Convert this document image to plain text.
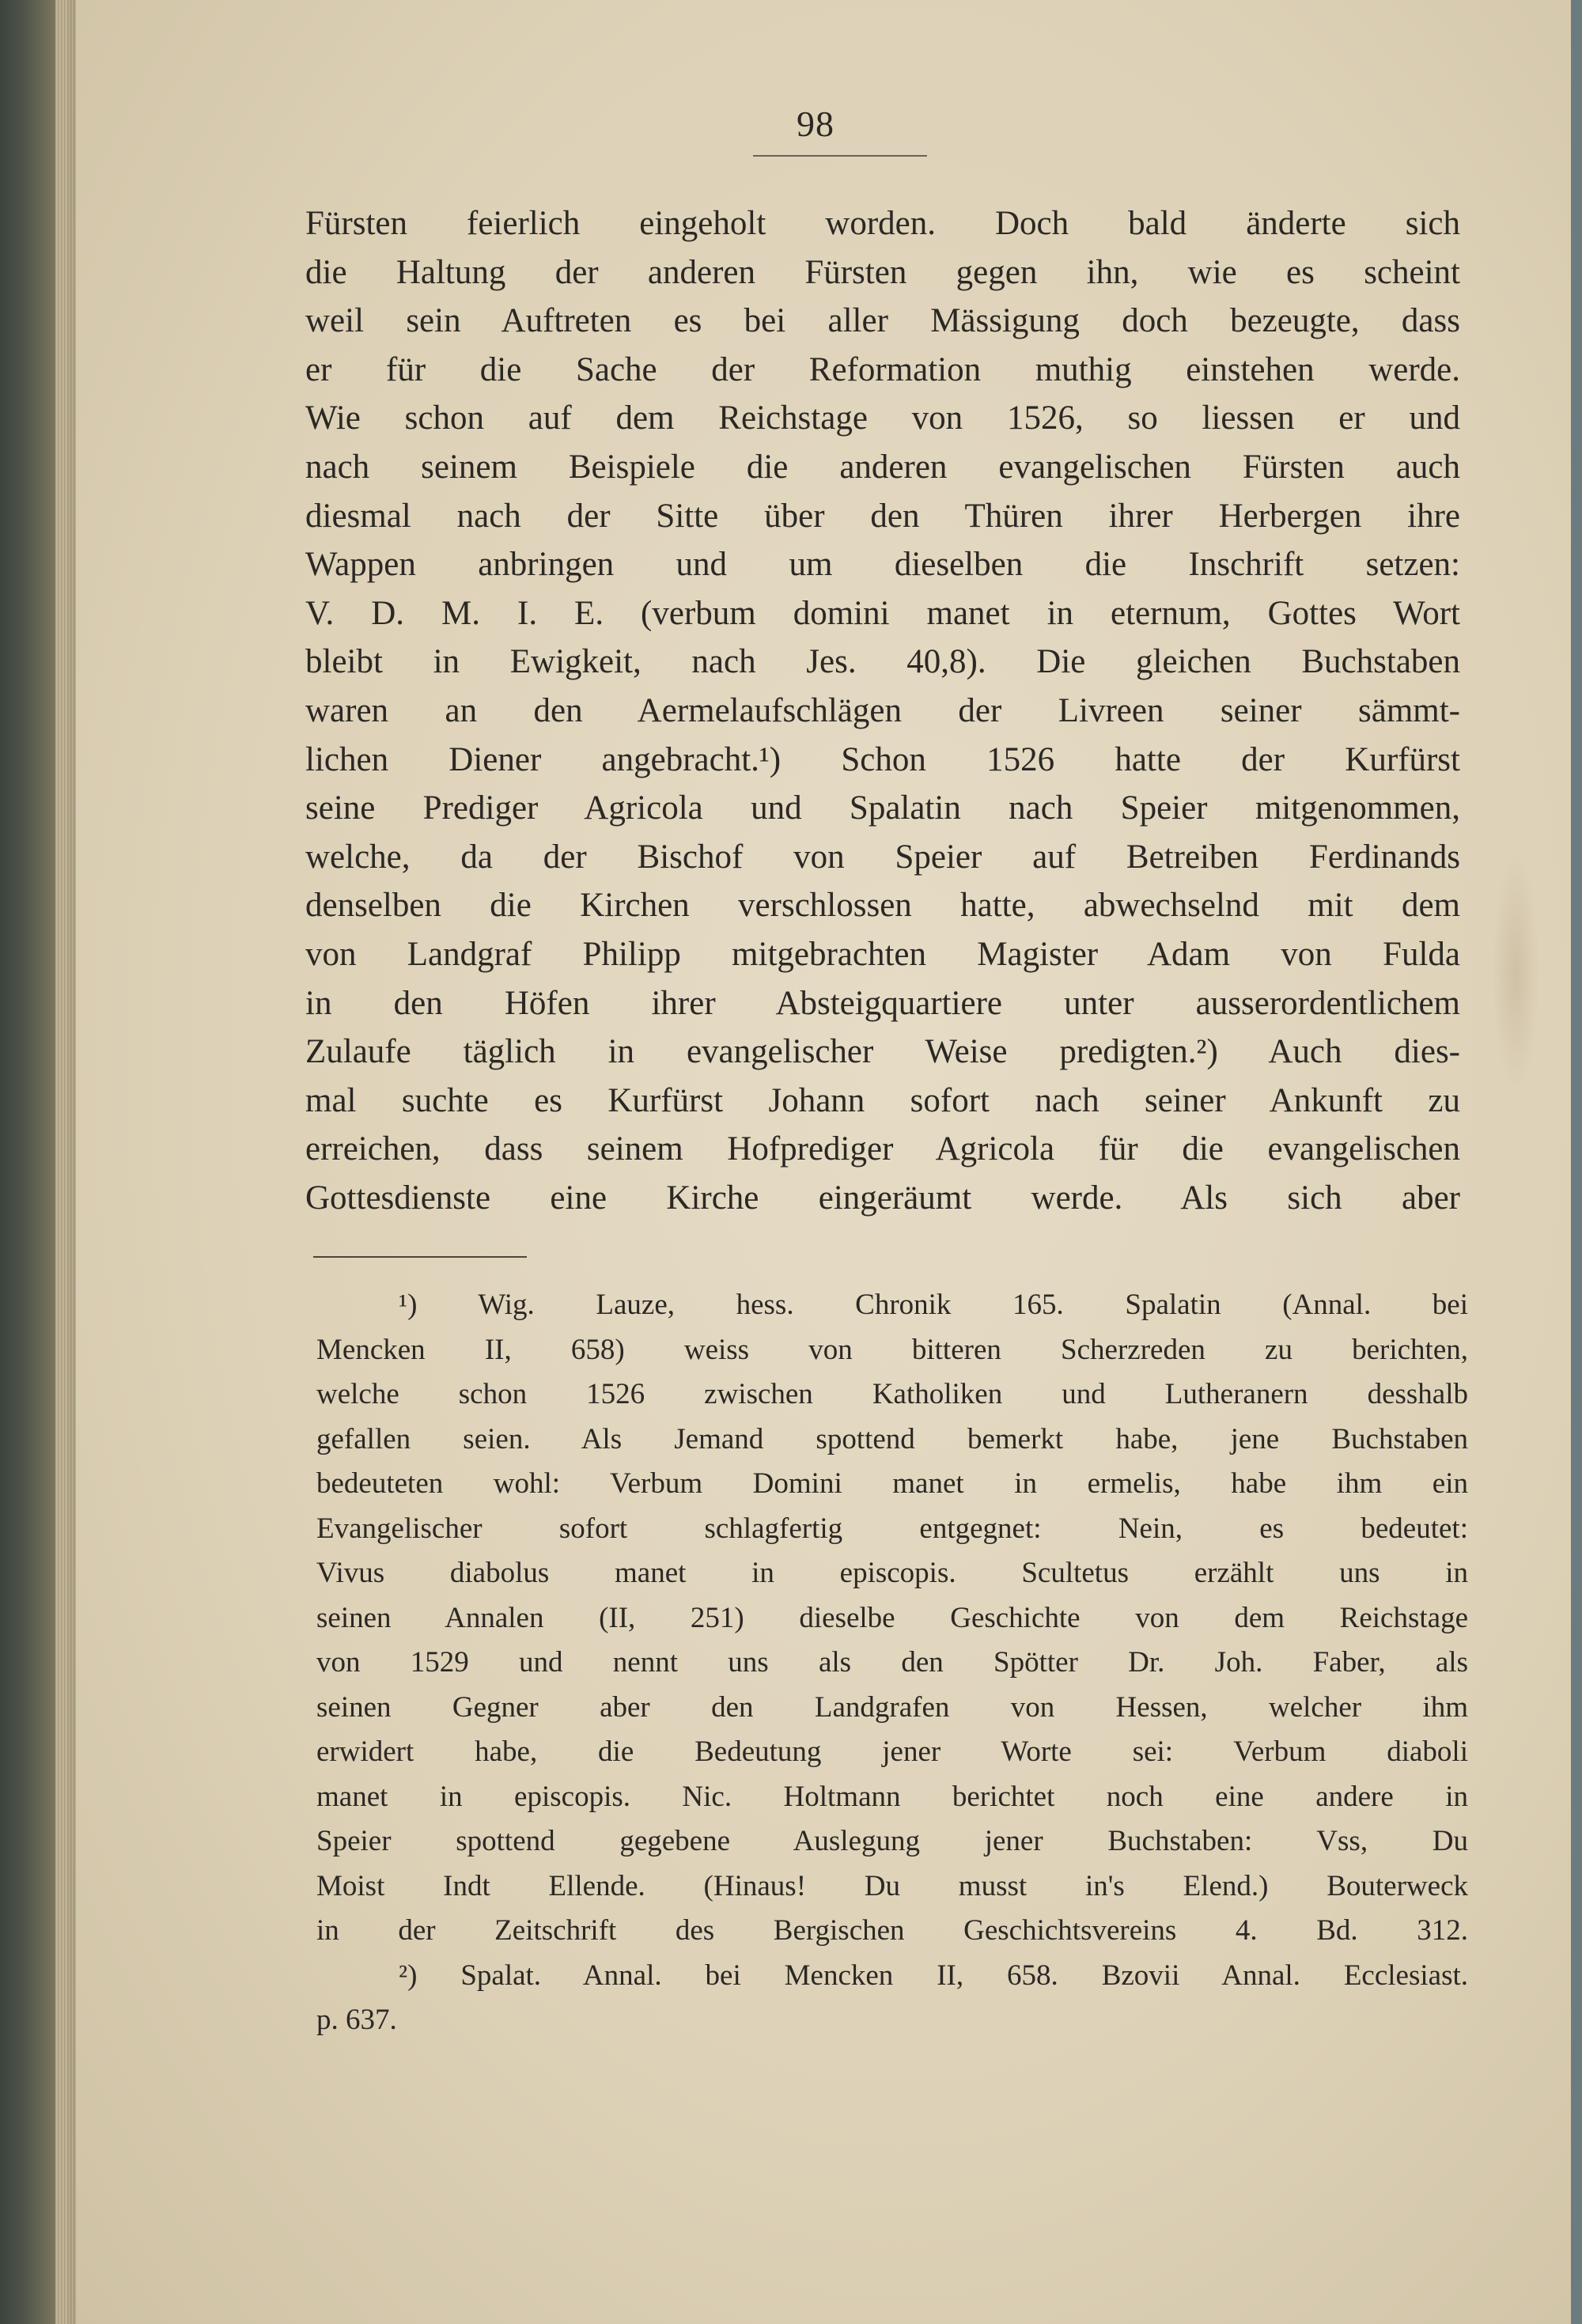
98
Fürsten feierlich eingeholt worden. Doch bald änderte sich
die Haltung der anderen Fürsten gegen ihn, wie es scheint
weil sein Auftreten es bei aller Mässigung doch bezeugte, dass
er für die Sache der Reformation muthig einstehen werde.
Wie schon auf dem Reichstage von 1526, so liessen er und
nach seinem Beispiele die anderen evangelischen Fürsten auch
diesmal nach der Sitte über den Thüren ihrer Herbergen ihre
Wappen anbringen und um dieselben die Inschrift setzen:
V. D. M. I. E. (verbum domini manet in eternum, Gottes Wort
bleibt in Ewigkeit, nach Jes. 40,8). Die gleichen Buchstaben
waren an den Aermelaufschlägen der Livreen seiner sämmt-
lichen Diener angebracht.¹) Schon 1526 hatte der Kurfürst
seine Prediger Agricola und Spalatin nach Speier mitgenommen,
welche, da der Bischof von Speier auf Betreiben Ferdinands
denselben die Kirchen verschlossen hatte, abwechselnd mit dem
von Landgraf Philipp mitgebrachten Magister Adam von Fulda
in den Höfen ihrer Absteigquartiere unter ausserordentlichem
Zulaufe täglich in evangelischer Weise predigten.²) Auch dies-
mal suchte es Kurfürst Johann sofort nach seiner Ankunft zu
erreichen, dass seinem Hofprediger Agricola für die evangelischen
Gottesdienste eine Kirche eingeräumt werde. Als sich aber
¹) Wig. Lauze, hess. Chronik 165. Spalatin (Annal. bei
Mencken II, 658) weiss von bitteren Scherzreden zu berichten,
welche schon 1526 zwischen Katholiken und Lutheranern desshalb
gefallen seien. Als Jemand spottend bemerkt habe, jene Buchstaben
bedeuteten wohl: Verbum Domini manet in ermelis, habe ihm ein
Evangelischer sofort schlagfertig entgegnet: Nein, es bedeutet:
Vivus diabolus manet in episcopis. Scultetus erzählt uns in
seinen Annalen (II, 251) dieselbe Geschichte von dem Reichstage
von 1529 und nennt uns als den Spötter Dr. Joh. Faber, als
seinen Gegner aber den Landgrafen von Hessen, welcher ihm
erwidert habe, die Bedeutung jener Worte sei: Verbum diaboli
manet in episcopis. Nic. Holtmann berichtet noch eine andere in
Speier spottend gegebene Auslegung jener Buchstaben: Vss, Du
Moist Indt Ellende. (Hinaus! Du musst in's Elend.) Bouterweck
in der Zeitschrift des Bergischen Geschichtsvereins 4. Bd. 312.
²) Spalat. Annal. bei Mencken II, 658. Bzovii Annal. Ecclesiast.
p. 637.
